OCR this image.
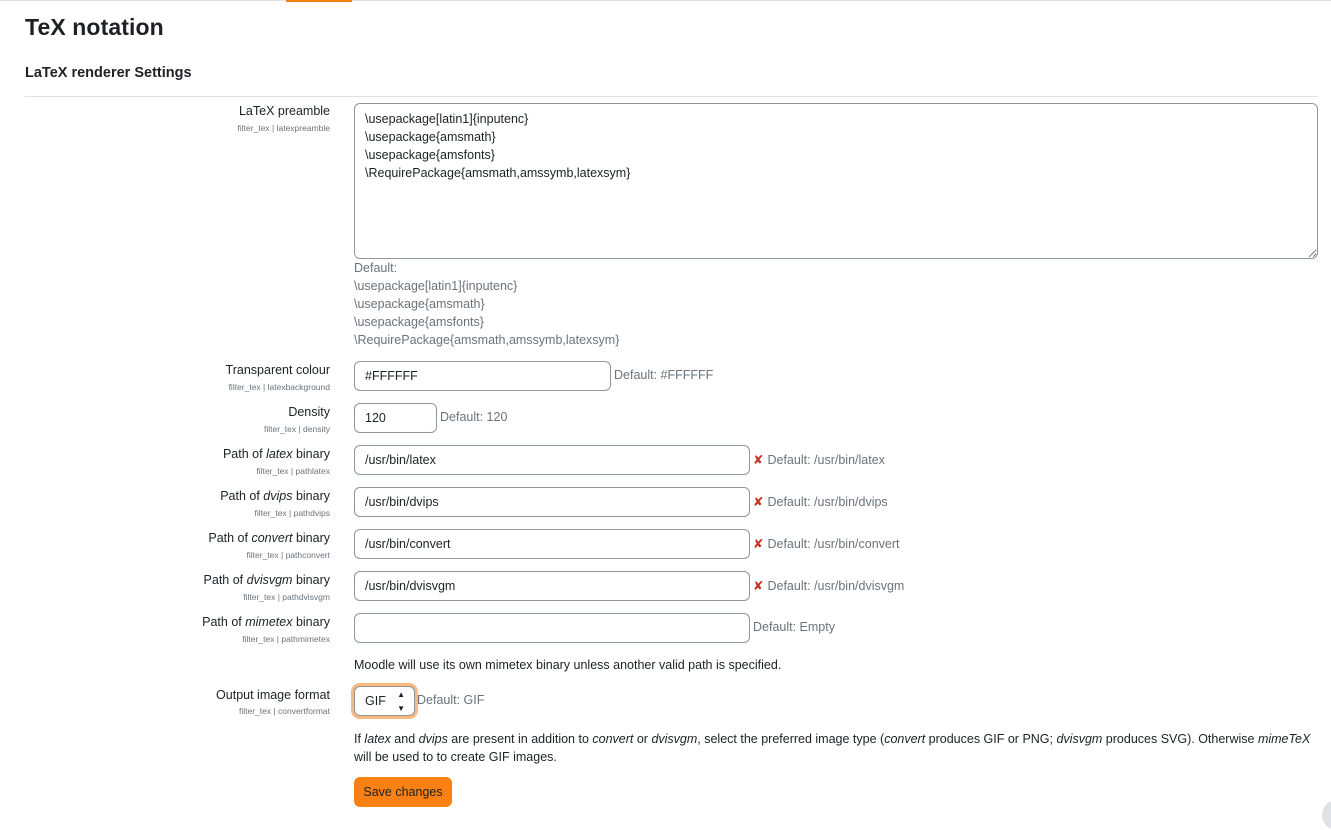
TeX notation
LaTeX renderer Settings
LaTeX preamble
filter_tex | latexpreamble
\usepackage[latin1]{inputenc} \usepackage{amsmath} \usepackage{amsfonts} \RequirePackage{amsmath,amssymb,latexsym}
Default:
\usepackage[latin1]{inputenc}
\usepackage{amsmath}
\usepackage{amsfonts}
\RequirePackage{amsmath,amssymb,latexsym}
Transparent colour
filter_tex | latexbackground
#FFFFFF
Default: #FFFFFF
Density
filter_tex | density
120
Default: 120
Path of latex binary
filter_tex | pathlatex
/usr/bin/latex
✘ Default: /usr/bin/latex
Path of dvips binary
filter_tex | pathdvips
/usr/bin/dvips
✘ Default: /usr/bin/dvips
Path of convert binary
filter_tex | pathconvert
/usr/bin/convert
✘ Default: /usr/bin/convert
Path of dvisvgm binary
filter_tex | pathdvisvgm
/usr/bin/dvisvgm
✘ Default: /usr/bin/dvisvgm
Path of mimetex binary
filter_tex | pathmimetex
Default: Empty
Moodle will use its own mimetex binary unless another valid path is specified.
Output image format
filter_tex | convertformat
GIF ▲
▼
Default: GIF
If latex and dvips are present in addition to convert or dvisvgm, select the preferred image type (convert produces GIF or PNG; dvisvgm produces SVG). Otherwise mimeTeX will be used to to create GIF images.
Save changes
